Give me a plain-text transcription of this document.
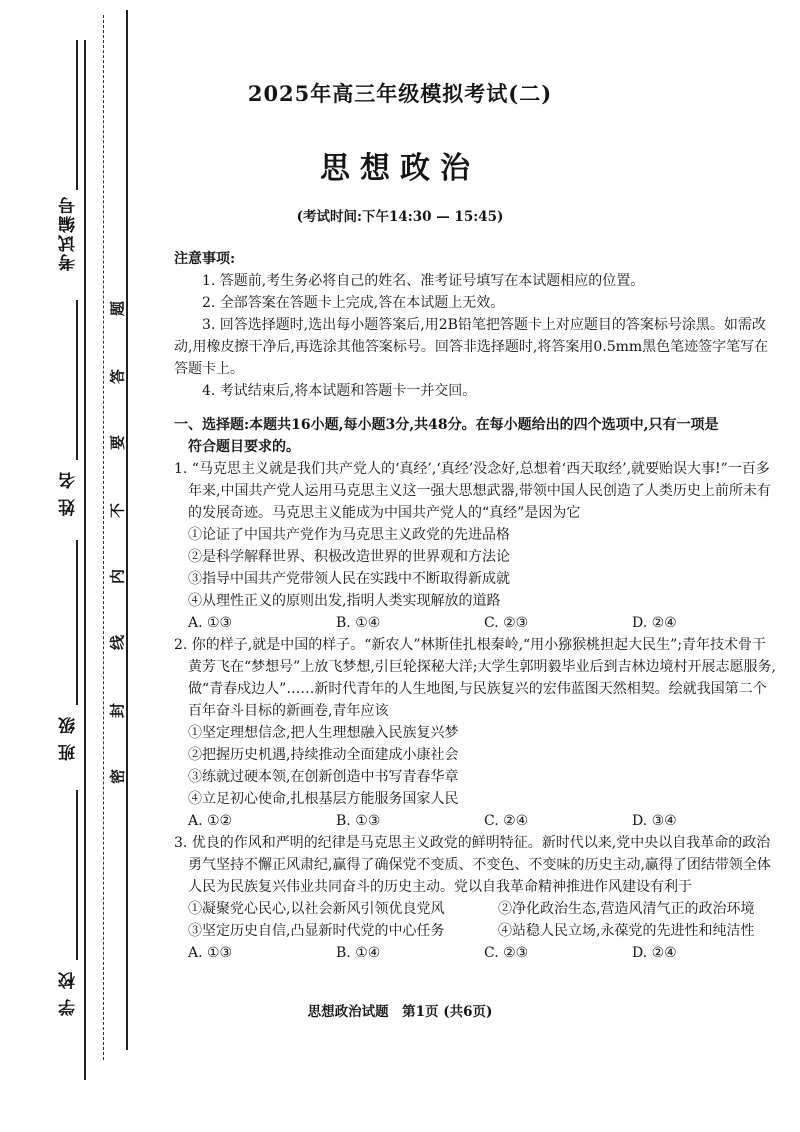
考试编号
姓 名
班 级
学 校
题
答
要
不
内
线
封
密
2025年高三年级模拟考试(二)
思想政治
(考试时间:下午14:30 — 15:45)

注意事项:

1. 答题前,考生务必将自己的姓名、准考证号填写在本试题相应的位置。

2. 全部答案在答题卡上完成,答在本试题上无效。

3. 回答选择题时,选出每小题答案后,用2B铅笔把答题卡上对应题目的答案标号涂黑。如需改动,用橡皮擦干净后,再选涂其他答案标号。回答非选择题时,将答案用0.5mm黑色笔迹签字笔写在答题卡上。

4. 考试结束后,将本试题和答题卡一并交回。

一、选择题:本题共16小题,每小题3分,共48分。在每小题给出的四个选项中,只有一项是
符合题目要求的。

1. “马克思主义就是我们共产党人的‘真经’,‘真经’没念好,总想着‘西天取经’,就要贻误大事!”一百多年来,中国共产党人运用马克思主义这一强大思想武器,带领中国人民创造了人类历史上前所未有的发展奇迹。马克思主义能成为中国共产党人的“真经”是因为它

①论证了中国共产党作为马克思主义政党的先进品格

②是科学解释世界、积极改造世界的世界观和方法论

③指导中国共产党带领人民在实践中不断取得新成就

④从理性正义的原则出发,指明人类实现解放的道路

A. ①③	B. ①④	C. ②③	D. ②④

2. 你的样子,就是中国的样子。“新农人”林斯佳扎根秦岭,“用小猕猴桃担起大民生”;青年技术骨干黄芳飞在“梦想号”上放飞梦想,引巨轮探秘大洋;大学生郭明毅毕业后到吉林边境村开展志愿服务,做“青春戍边人”……新时代青年的人生地图,与民族复兴的宏伟蓝图天然相契。绘就我国第二个百年奋斗目标的新画卷,青年应该

①坚定理想信念,把人生理想融入民族复兴梦

②把握历史机遇,持续推动全面建成小康社会

③练就过硬本领,在创新创造中书写青春华章

④立足初心使命,扎根基层方能服务国家人民

A. ①②	B. ①③	C. ②④	D. ③④

3. 优良的作风和严明的纪律是马克思主义政党的鲜明特征。新时代以来,党中央以自我革命的政治勇气坚持不懈正风肃纪,赢得了确保党不变质、不变色、不变味的历史主动,赢得了团结带领全体人民为民族复兴伟业共同奋斗的历史主动。党以自我革命精神推进作风建设有利于

①凝聚党心民心,以社会新风引领优良党风	②净化政治生态,营造风清气正的政治环境
③坚定历史自信,凸显新时代党的中心任务	④站稳人民立场,永葆党的先进性和纯洁性
A. ①③	B. ①④	C. ②③	D. ②④
思想政治试题　第1页 (共6页)
